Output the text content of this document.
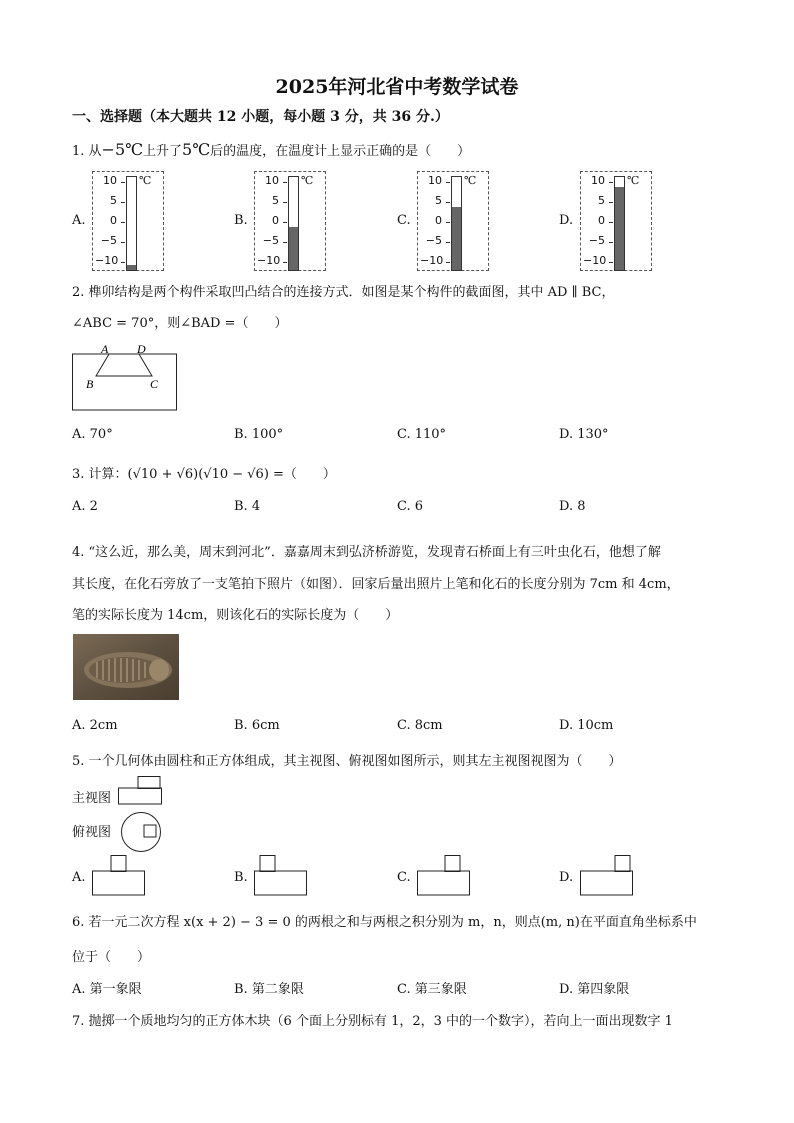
2025年河北省中考数学试卷
一、选择题（本大题共 12 小题，每小题 3 分，共 36 分.）
1. 从−5℃上升了5℃后的温度，在温度计上显示正确的是（　　）
A.
10
5
0
−5
−10
℃
B.
10
5
0
−5
−10
℃
C.
10
5
0
−5
−10
℃
D.
10
5
0
−5
−10
℃
2. 榫卯结构是两个构件采取凹凸结合的连接方式．如图是某个构件的截面图，其中 AD ∥ BC，
∠ABC = 70°，则∠BAD =（　　）
A D
B	C
A. 70°	B. 100°	C. 110°	D. 130°
3. 计算：(√10 + √6)(√10 − √6) =（　　）
A. 2	B. 4	C. 6	D. 8
4. “这么近，那么美，周末到河北”．嘉嘉周末到弘济桥游览，发现青石桥面上有三叶虫化石，他想了解
其长度，在化石旁放了一支笔拍下照片（如图）．回家后量出照片上笔和化石的长度分别为 7cm 和 4cm，
笔的实际长度为 14cm，则该化石的实际长度为（　　）
A. 2cm	B. 6cm	C. 8cm	D. 10cm
5. 一个几何体由圆柱和正方体组成，其主视图、俯视图如图所示，则其左主视图视图为（　　）
主视图
俯视图
A.	B.	C.	D.
6. 若一元二次方程 x(x + 2) − 3 = 0 的两根之和与两根之积分别为 m，n，则点(m, n)在平面直角坐标系中
位于（　　）
A. 第一象限	B. 第二象限	C. 第三象限	D. 第四象限
7. 抛掷一个质地均匀的正方体木块（6 个面上分别标有 1，2，3 中的一个数字），若向上一面出现数字 1
